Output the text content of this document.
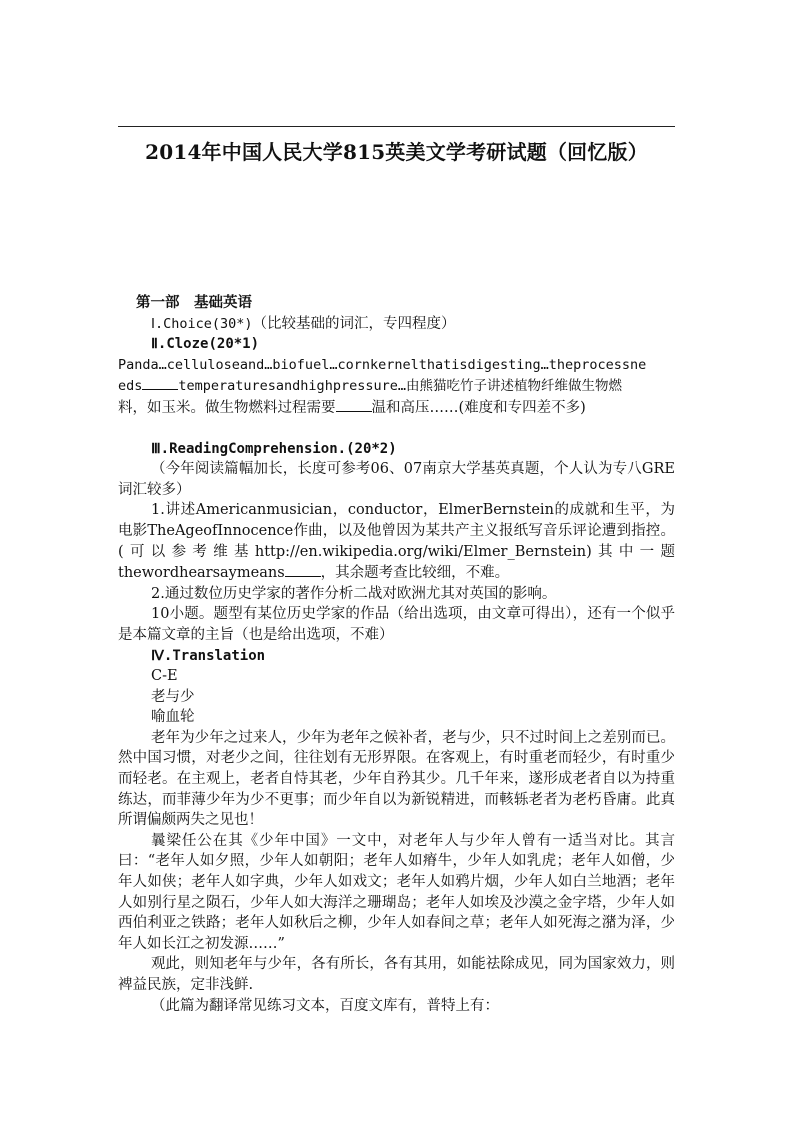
2014年中国人民大学815英美文学考研试题（回忆版）

第一部　基础英语

Ⅰ.Choice(30*)（比较基础的词汇，专四程度）

Ⅱ.Cloze(20*1)

Panda…celluloseand…biofuel…cornkernelthatisdigesting…theprocessne

eds	temperaturesandhighpressure…由熊猫吃竹子讲述植物纤维做生物燃

料，如玉米。做生物燃料过程需要 温和高压……(难度和专四差不多)

Ⅲ.ReadingComprehension.(20*2)

（今年阅读篇幅加长，长度可参考06、07南京大学基英真题，个人认为专八GRE词汇较多）

1.讲述Americanmusician，conductor，ElmerBernstein的成就和生平，为电影TheAgeofInnocence作曲，以及他曾因为某共产主义报纸写音乐评论遭到指控。(可以参考维基http://en.wikipedia.org/wiki/Elmer_Bernstein)其中一题thewordhearsaymeans ，其余题考查比较细，不难。

2.通过数位历史学家的著作分析二战对欧洲尤其对英国的影响。

10小题。题型有某位历史学家的作品（给出选项，由文章可得出），还有一个似乎是本篇文章的主旨（也是给出选项，不难）

Ⅳ.Translation

C-E

老与少

喻血轮

老年为少年之过来人，少年为老年之候补者，老与少，只不过时间上之差别而已。然中国习惯，对老少之间，往往划有无形界限。在客观上，有时重老而轻少，有时重少而轻老。在主观上，老者自恃其老，少年自矜其少。几千年来，遂形成老者自以为持重练达，而菲薄少年为少不更事；而少年自以为新锐精进，而輆轹老者为老朽昏庸。此真所谓偏颇两失之见也！

曩梁任公在其《少年中国》一文中，对老年人与少年人曾有一适当对比。其言曰：“老年人如夕照，少年人如朝阳；老年人如瘠牛，少年人如乳虎；老年人如僧，少年人如侠；老年人如字典，少年人如戏文；老年人如鸦片烟，少年人如白兰地酒；老年人如别行星之陨石，少年人如大海洋之珊瑚岛；老年人如埃及沙漠之金字塔，少年人如西伯利亚之铁路；老年人如秋后之柳，少年人如春间之草；老年人如死海之潴为泽，少年人如长江之初发源……”

观此，则知老年与少年，各有所长，各有其用，如能祛除成见，同为国家效力，则裨益民族，定非浅鲜.

（此篇为翻译常见练习文本，百度文库有，普特上有：
